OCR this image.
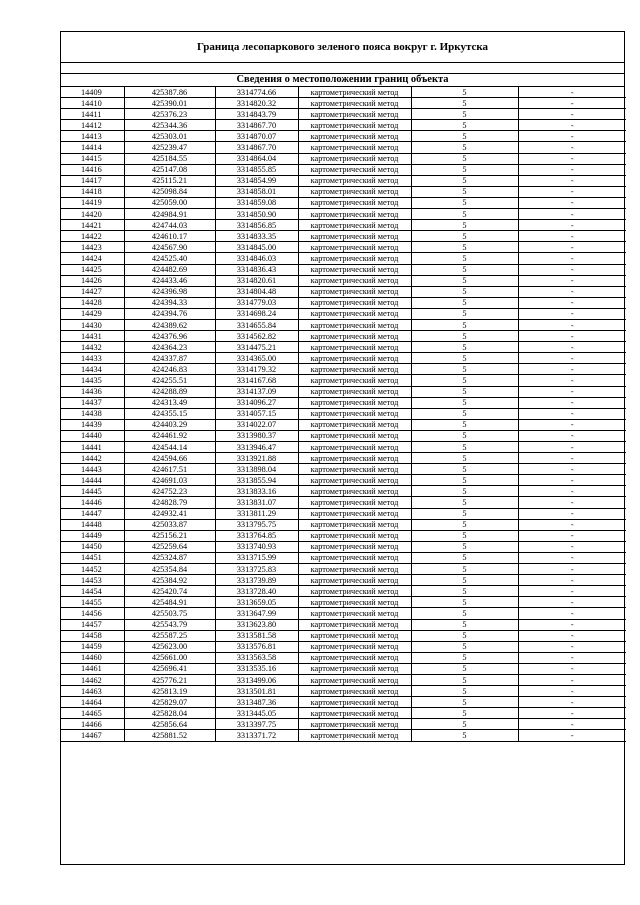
Граница лесопаркового зеленого пояса вокруг г. Иркутска
Сведения о местоположении границ объекта
14409	425387.86	3314774.66	картометрический метод	5	-
14410	425390.01	3314820.32	картометрический метод	5	-
14411	425376.23	3314843.79	картометрический метод	5	-
14412	425344.36	3314867.70	картометрический метод	5	-
14413	425303.01	3314870.07	картометрический метод	5	-
14414	425239.47	3314867.70	картометрический метод	5	-
14415	425184.55	3314864.04	картометрический метод	5	-
14416	425147.08	3314855.85	картометрический метод	5	-
14417	425115.21	3314854.99	картометрический метод	5	-
14418	425098.84	3314858.01	картометрический метод	5	-
14419	425059.00	3314859.08	картометрический метод	5	-
14420	424984.91	3314850.90	картометрический метод	5	-
14421	424744.03	3314856.85	картометрический метод	5	-
14422	424610.17	3314833.35	картометрический метод	5	-
14423	424567.90	3314845.00	картометрический метод	5	-
14424	424525.40	3314846.03	картометрический метод	5	-
14425	424482.69	3314836.43	картометрический метод	5	-
14426	424433.46	3314820.61	картометрический метод	5	-
14427	424396.98	3314804.48	картометрический метод	5	-
14428	424394.33	3314779.03	картометрический метод	5	-
14429	424394.76	3314698.24	картометрический метод	5	-
14430	424389.62	3314655.84	картометрический метод	5	-
14431	424376.96	3314562.82	картометрический метод	5	-
14432	424364.23	3314475.21	картометрический метод	5	-
14433	424337.87	3314365.00	картометрический метод	5	-
14434	424246.83	3314179.32	картометрический метод	5	-
14435	424255.51	3314167.68	картометрический метод	5	-
14436	424288.89	3314137.09	картометрический метод	5	-
14437	424313.49	3314096.27	картометрический метод	5	-
14438	424355.15	3314057.15	картометрический метод	5	-
14439	424403.29	3314022.07	картометрический метод	5	-
14440	424461.92	3313980.37	картометрический метод	5	-
14441	424544.14	3313946.47	картометрический метод	5	-
14442	424594.66	3313921.88	картометрический метод	5	-
14443	424617.51	3313898.04	картометрический метод	5	-
14444	424691.03	3313855.94	картометрический метод	5	-
14445	424752.23	3313833.16	картометрический метод	5	-
14446	424828.79	3313831.07	картометрический метод	5	-
14447	424932.41	3313811.29	картометрический метод	5	-
14448	425033.87	3313795.75	картометрический метод	5	-
14449	425156.21	3313764.85	картометрический метод	5	-
14450	425259.64	3313740.93	картометрический метод	5	-
14451	425324.87	3313715.99	картометрический метод	5	-
14452	425354.84	3313725.83	картометрический метод	5	-
14453	425384.92	3313739.89	картометрический метод	5	-
14454	425420.74	3313728.40	картометрический метод	5	-
14455	425484.91	3313659.05	картометрический метод	5	-
14456	425503.75	3313647.99	картометрический метод	5	-
14457	425543.79	3313623.80	картометрический метод	5	-
14458	425587.25	3313581.58	картометрический метод	5	-
14459	425623.00	3313576.81	картометрический метод	5	-
14460	425661.00	3313563.58	картометрический метод	5	-
14461	425696.41	3313535.16	картометрический метод	5	-
14462	425776.21	3313499.06	картометрический метод	5	-
14463	425813.19	3313501.81	картометрический метод	5	-
14464	425829.07	3313487.36	картометрический метод	5	-
14465	425828.04	3313445.05	картометрический метод	5	-
14466	425856.64	3313397.75	картометрический метод	5	-
14467	425881.52	3313371.72	картометрический метод	5	-
